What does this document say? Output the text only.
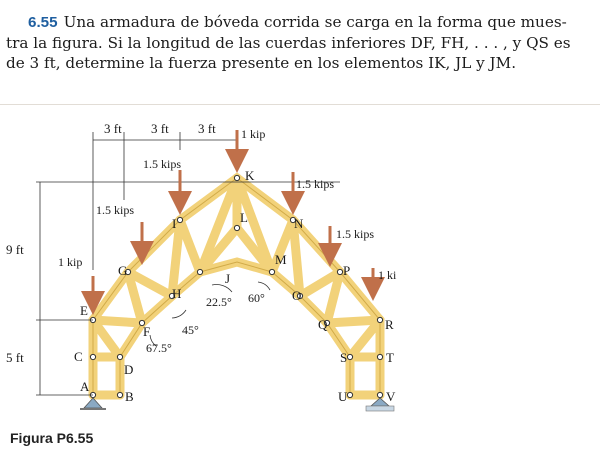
6.55 Una armadura de bóveda corrida se carga en la forma que mues-
tra la figura. Si la longitud de las cuerdas inferiores DF, FH, . . . , y QS es
de 3 ft, determine la fuerza presente en los elementos IK, JL y JM.
3 ft 3 ft 3 ft
9 ft
5 ft
1 kip
1.5 kips
1.5 kips
1.5 kips
1.5 kips
1 kip
1 ki
22.5° 60°
45°
67.5°
A
B
C
D
E
F
G
H
I
J
K
L
M
N
O
P
Q	R
S	T
U	V
Figura P6.55
